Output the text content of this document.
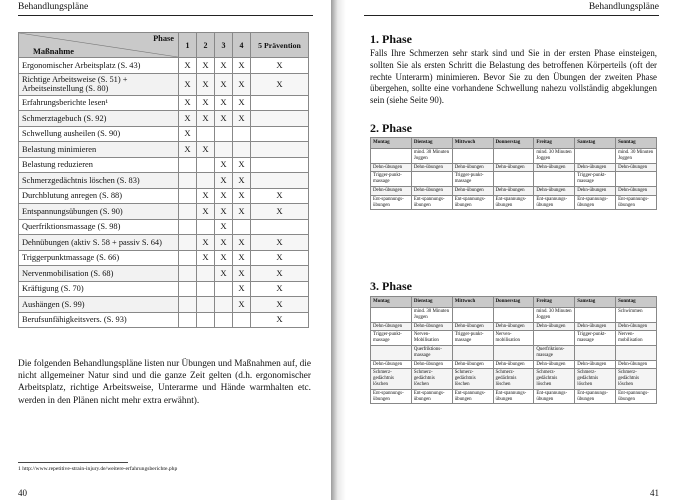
Behandlungspläne
Phase
Maßnahme	1	2	3	4	5 Prävention
Ergonomischer Arbeitsplatz (S. 43)	X	X	X	X	X
Richtige Arbeitsweise (S. 51) + Arbeitseinstellung (S. 80)	X	X	X	X	X
Erfahrungsberichte lesen¹	X	X	X	X	
Schmerztagebuch (S. 92)	X	X	X	X	
Schwellung ausheilen (S. 90)	X				
Belastung minimieren	X	X			
Belastung reduzieren			X	X	
Schmerzgedächtnis löschen (S. 83)			X	X	
Durchblutung anregen (S. 88)		X	X	X	X
Entspannungsübungen (S. 90)		X	X	X	X
Querfriktionsmassage (S. 98)			X		
Dehnübungen (aktiv S. 58 + passiv S. 64)		X	X	X	X
Triggerpunktmassage (S. 66)		X	X	X	X
Nervenmobilisation (S. 68)			X	X	X
Kräftigung (S. 70)				X	X
Aushängen (S. 99)				X	X
Berufsunfähigkeitsvers. (S. 93)					X
Die folgenden Behandlungspläne listen nur Übungen und Maßnahmen auf, die nicht allgemeiner Natur sind und die ganze Zeit gelten (d.h. ergonomischer Arbeitsplatz, richtige Arbeitsweise, Unterarme und Hände warmhalten etc. werden in den Plänen nicht mehr extra erwähnt).
1 http://www.repetitive-strain-injury.de/weitere-erfahrungsberichte.php
40
Behandlungspläne
1. Phase
Falls Ihre Schmerzen sehr stark sind und Sie in der ersten Phase einsteigen, sollten Sie als ersten Schritt die Belastung des betroffenen Körperteils (oft der rechte Unterarm) minimieren. Bevor Sie zu den Übungen der zweiten Phase übergehen, sollte eine vorhandene Schwellung nahezu vollständig abgeklungen sein (siehe Seite 90).
2. Phase
Montag	Dienstag	Mittwoch	Donnerstag	Freitag	Samstag	Sonntag
	mind. 30 Minuten Joggen			mind. 30 Minuten Joggen		mind. 30 Minuten Joggen
Dehn-übungen	Dehn-übungen	Dehn-übungen	Dehn-übungen	Dehn-übungen	Dehn-übungen	Dehn-übungen
Trigger-punkt-massage		Trigger-punkt-massage			Trigger-punkt-massage	
Dehn-übungen	Dehn-übungen	Dehn-übungen	Dehn-übungen	Dehn-übungen	Dehn-übungen	Dehn-übungen
Ent-spannungs-übungen	Ent-spannungs-übungen	Ent-spannungs-übungen	Ent-spannungs-übungen	Ent-spannungs-übungen	Ent-spannungs-übungen	Ent-spannungs-übungen
3. Phase
Montag	Dienstag	Mittwoch	Donnerstag	Freitag	Samstag	Sonntag
	mind. 30 Minuten Joggen			mind. 30 Minuten Joggen		Schwimmen
Dehn-übungen	Dehn-übungen	Dehn-übungen	Dehn-übungen	Dehn-übungen	Dehn-übungen	Dehn-übungen
Trigger-punkt-massage	Nerven-Mobilisation	Trigger-punkt-massage	Nerven-mobilisation		Trigger-punkt-massage	Nerven-mobilisation
	Querfriktions-massage			Querfriktions-massage		
Dehn-übungen	Dehn-übungen	Dehn-übungen	Dehn-übungen	Dehn-übungen	Dehn-übungen	Dehn-übungen
Schmerz-gedächtnis löschen	Schmerz-gedächtnis löschen	Schmerz-gedächtnis löschen	Schmerz-gedächtnis löschen	Schmerz-gedächtnis löschen	Schmerz-gedächtnis löschen	Schmerz-gedächtnis löschen
Ent-spannungs-übungen	Ent-spannungs-übungen	Ent-spannungs-übungen	Ent-spannungs-übungen	Ent-spannungs-übungen	Ent-spannungs-übungen	Ent-spannungs-übungen
41
